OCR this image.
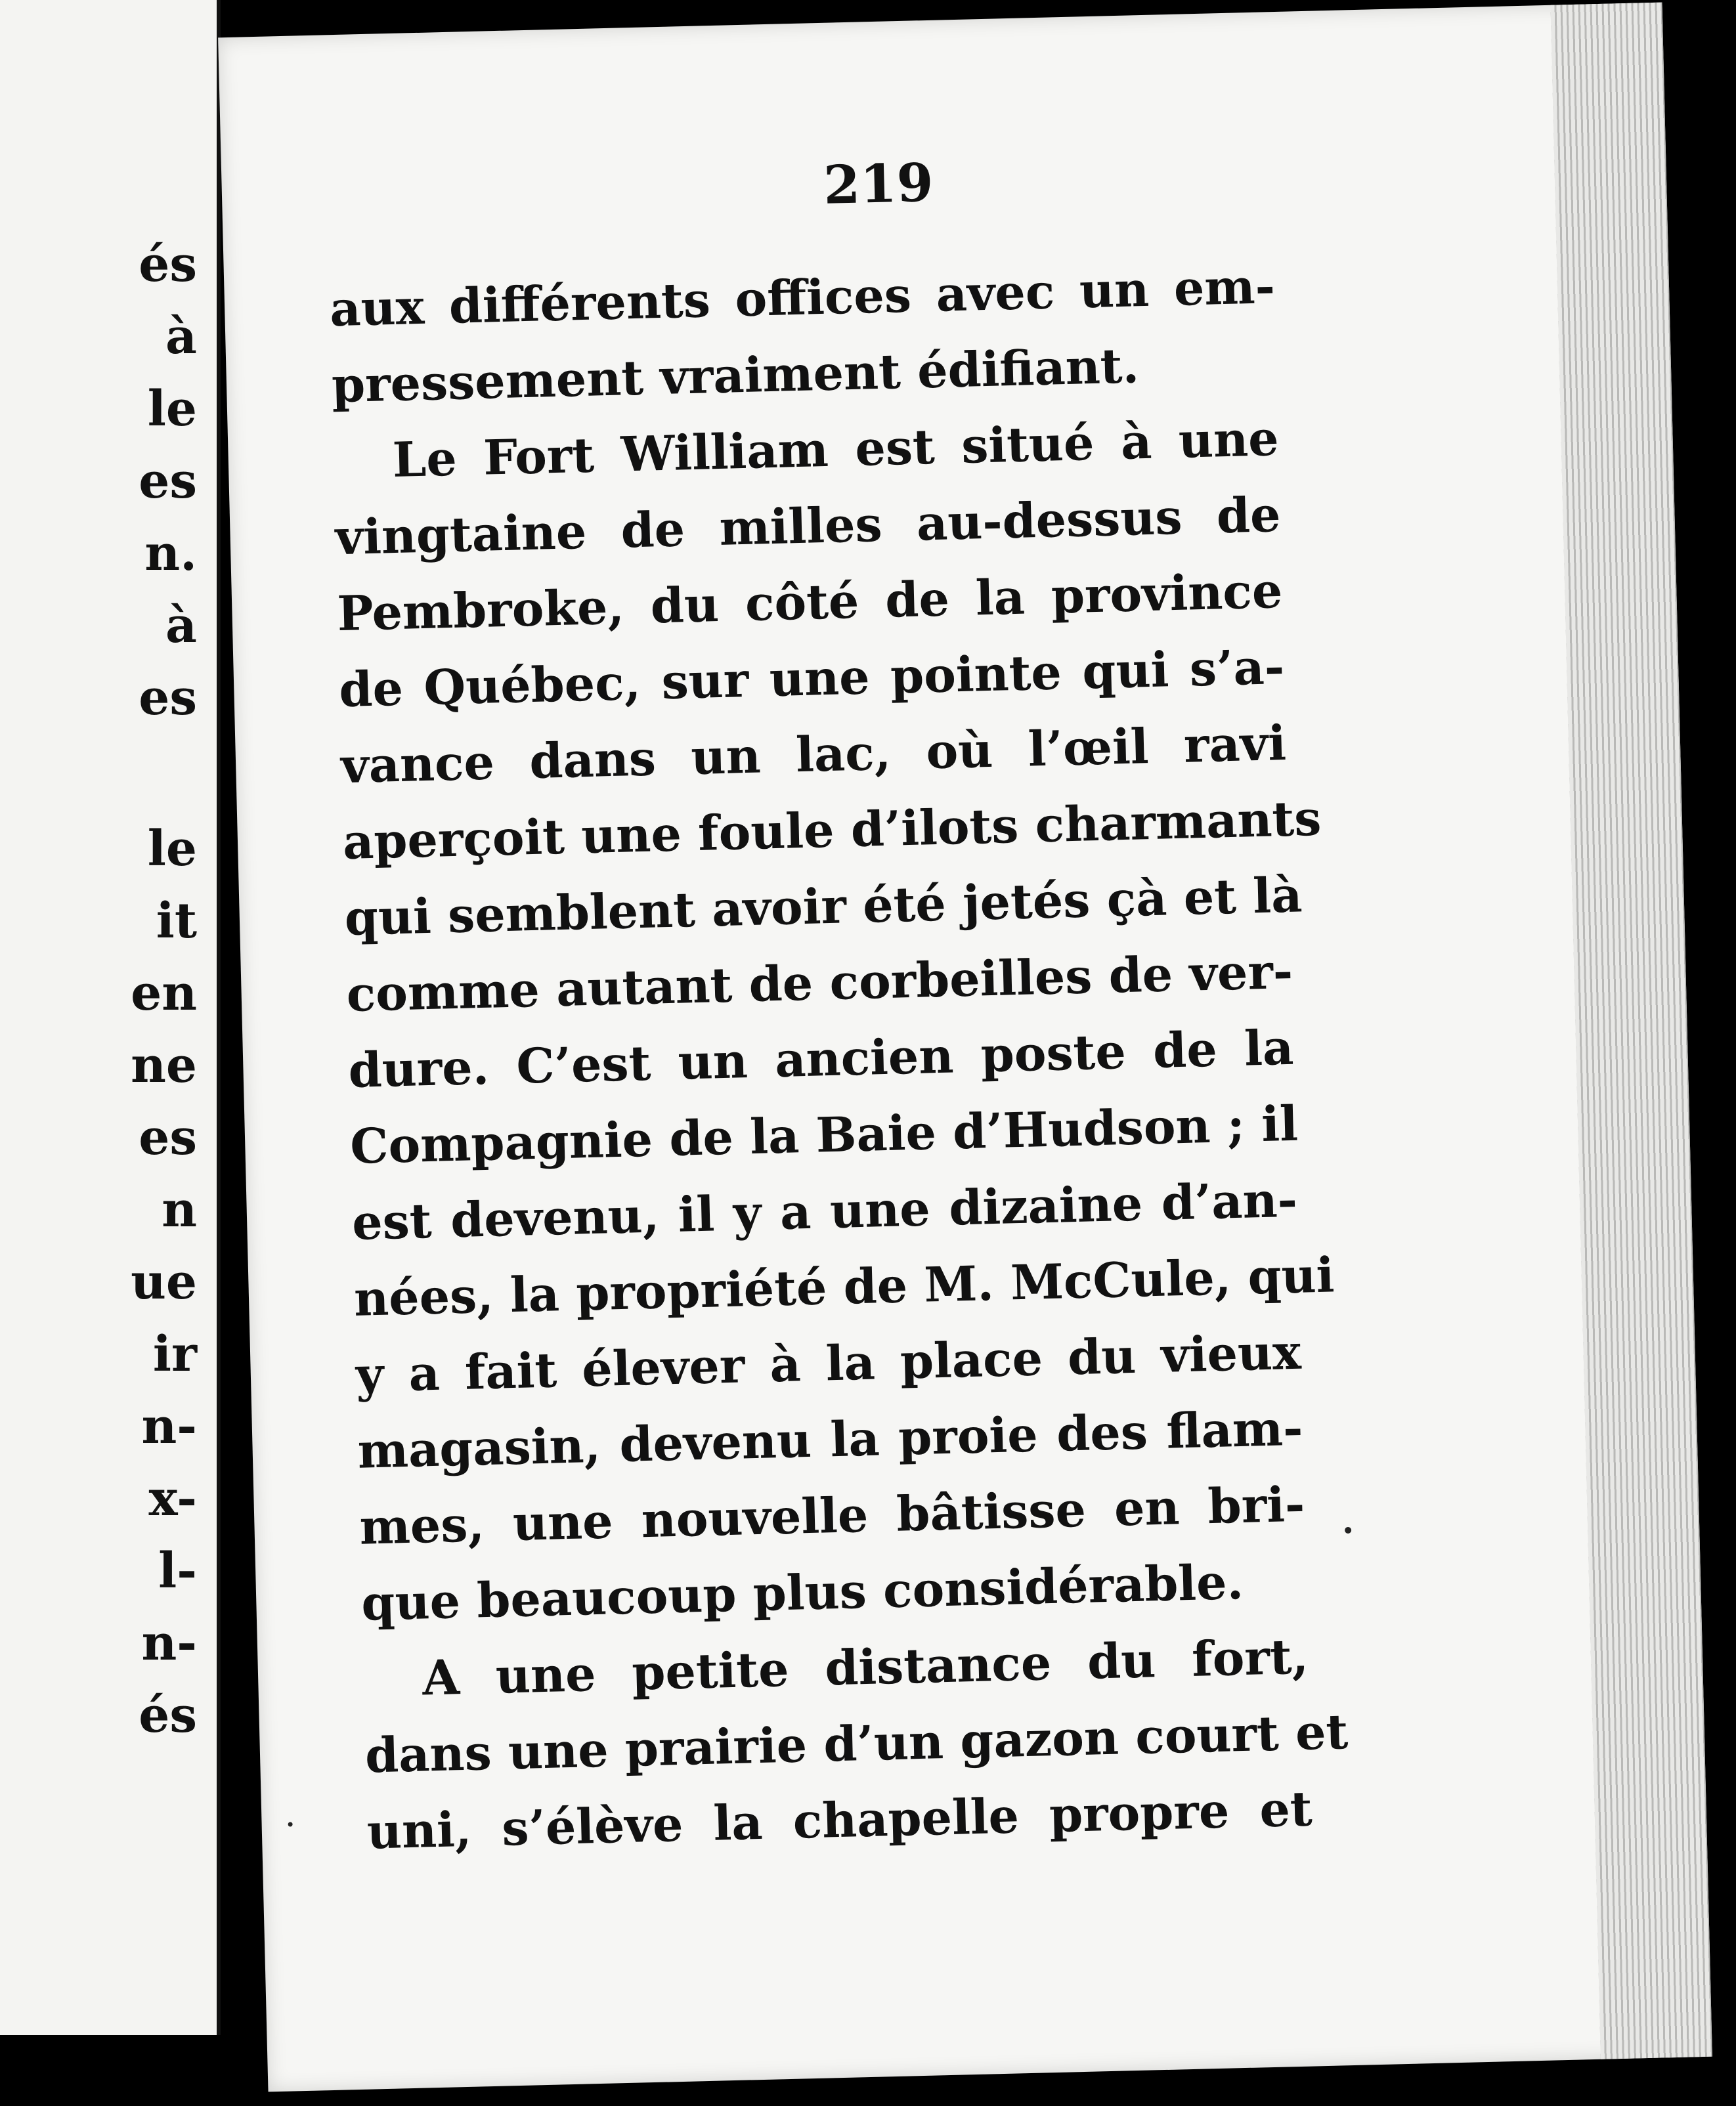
és
à
le
es
n.
à
es
le
it
en
ne
es
n
ue
ir
n-
x-
l-
n-
és
219
aux différents offices avec un em-
pressement vraiment édifiant.
Le Fort William est situé à une
vingtaine de milles au-dessus de
Pembroke, du côté de la province
de Québec, sur une pointe qui s’a-
vance dans un lac, où l’œil ravi
aperçoit une foule d’ilots charmants
qui semblent avoir été jetés çà et là
comme autant de corbeilles de ver-
dure. C’est un ancien poste de la
Compagnie de la Baie d’Hudson ; il
est devenu, il y a une dizaine d’an-
nées, la propriété de M. McCule, qui
y a fait élever à la place du vieux
magasin, devenu la proie des flam-
mes, une nouvelle bâtisse en bri-
que beaucoup plus considérable.
A une petite distance du fort,
dans une prairie d’un gazon court et
uni, s’élève la chapelle propre et
